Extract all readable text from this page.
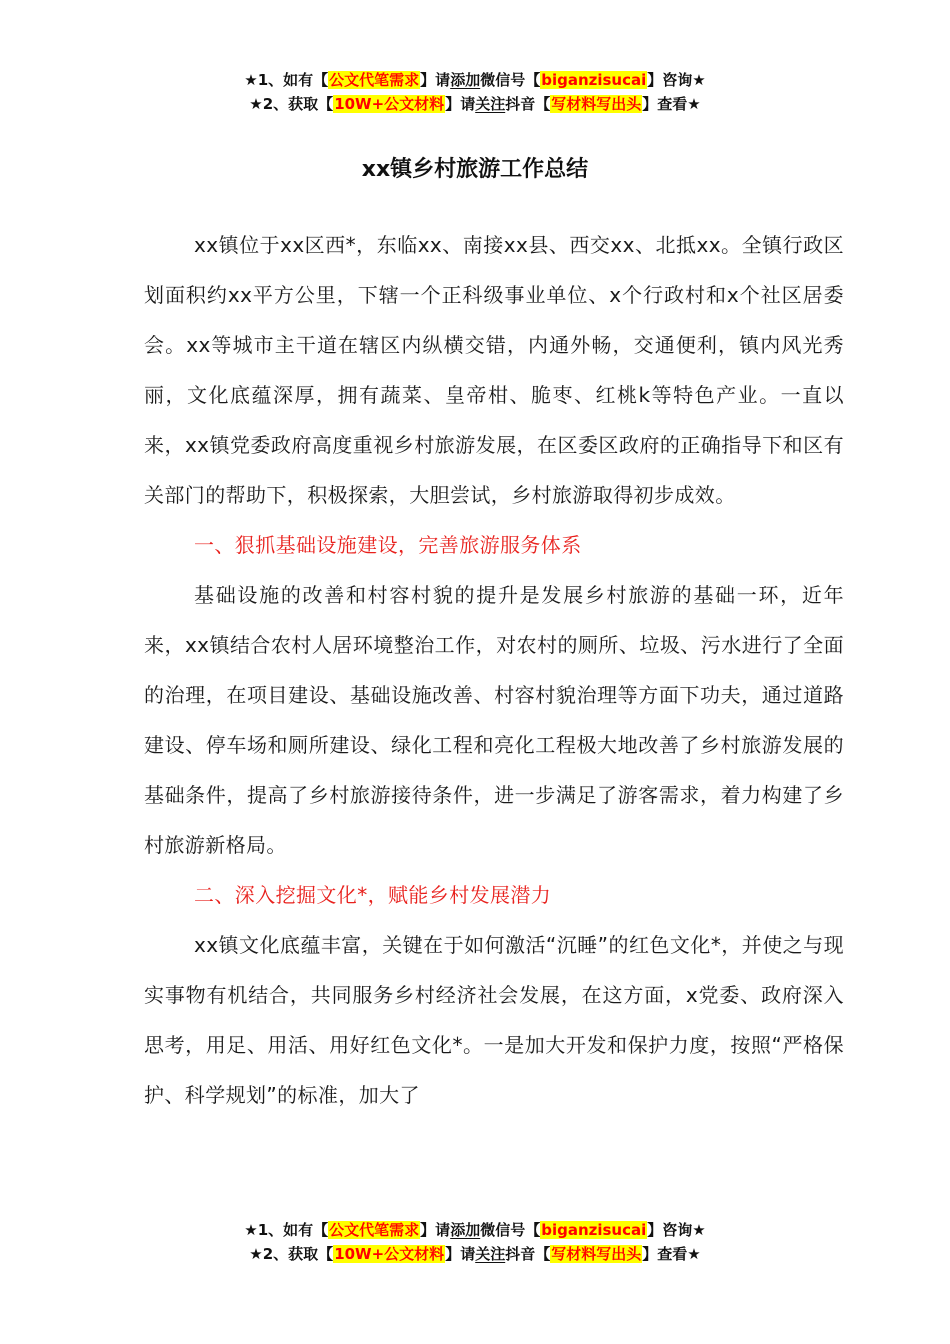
★1、如有【公文代笔需求】请添加微信号【biganzisucai】咨询★
★2、获取【10W+公文材料】请关注抖音【写材料写出头】查看★
xx镇乡村旅游工作总结

xx镇位于xx区西*，东临xx、南接xx县、西交xx、北抵xx。全镇行政区划面积约xx平方公里，下辖一个正科级事业单位、x个行政村和x个社区居委会。xx等城市主干道在辖区内纵横交错，内通外畅，交通便利，镇内风光秀丽，文化底蕴深厚，拥有蔬菜、皇帝柑、脆枣、红桃k等特色产业。一直以来，xx镇党委政府高度重视乡村旅游发展，在区委区政府的正确指导下和区有关部门的帮助下，积极探索，大胆尝试，乡村旅游取得初步成效。

一、狠抓基础设施建设，完善旅游服务体系

基础设施的改善和村容村貌的提升是发展乡村旅游的基础一环，近年来，xx镇结合农村人居环境整治工作，对农村的厕所、垃圾、污水进行了全面的治理，在项目建设、基础设施改善、村容村貌治理等方面下功夫，通过道路建设、停车场和厕所建设、绿化工程和亮化工程极大地改善了乡村旅游发展的基础条件，提高了乡村旅游接待条件，进一步满足了游客需求，着力构建了乡村旅游新格局。

二、深入挖掘文化*，赋能乡村发展潜力

xx镇文化底蕴丰富，关键在于如何激活“沉睡”的红色文化*，并使之与现实事物有机结合，共同服务乡村经济社会发展，在这方面，x党委、政府深入思考，用足、用活、用好红色文化*。一是加大开发和保护力度，按照“严格保护、科学规划”的标准，加大了

★1、如有【公文代笔需求】请添加微信号【biganzisucai】咨询★
★2、获取【10W+公文材料】请关注抖音【写材料写出头】查看★
